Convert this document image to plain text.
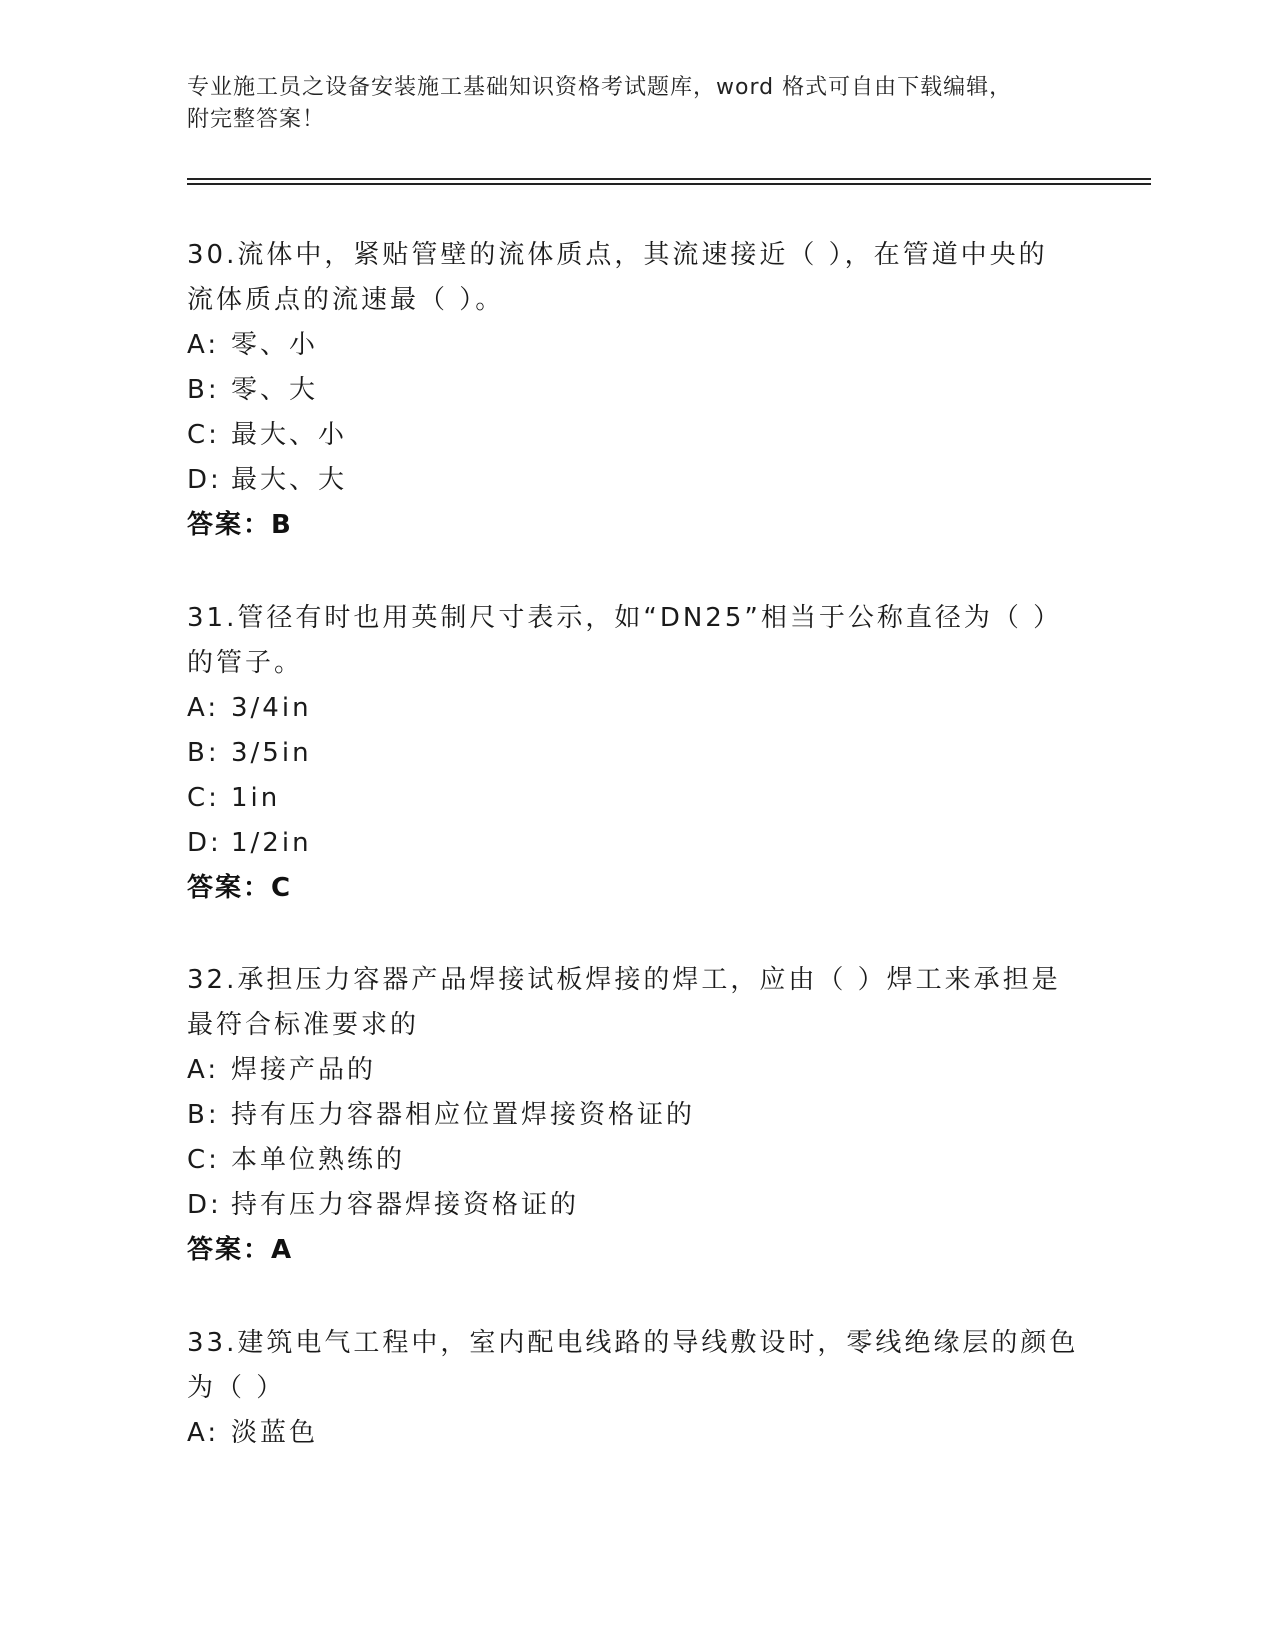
专业施工员之设备安装施工基础知识资格考试题库，word 格式可自由下载编辑，
附完整答案！
30.流体中，紧贴管壁的流体质点，其流速接近（ ），在管道中央的
流体质点的流速最（ ）。
A: 零、小
B: 零、大
C: 最大、小
D: 最大、大
答案：B
31.管径有时也用英制尺寸表示，如“DN25”相当于公称直径为（ ）
的管子。
A: 3/4in
B: 3/5in
C: 1in
D: 1/2in
答案：C
32.承担压力容器产品焊接试板焊接的焊工，应由（ ）焊工来承担是
最符合标准要求的
A: 焊接产品的
B: 持有压力容器相应位置焊接资格证的
C: 本单位熟练的
D: 持有压力容器焊接资格证的
答案：A
33.建筑电气工程中，室内配电线路的导线敷设时，零线绝缘层的颜色
为（ ）
A: 淡蓝色
